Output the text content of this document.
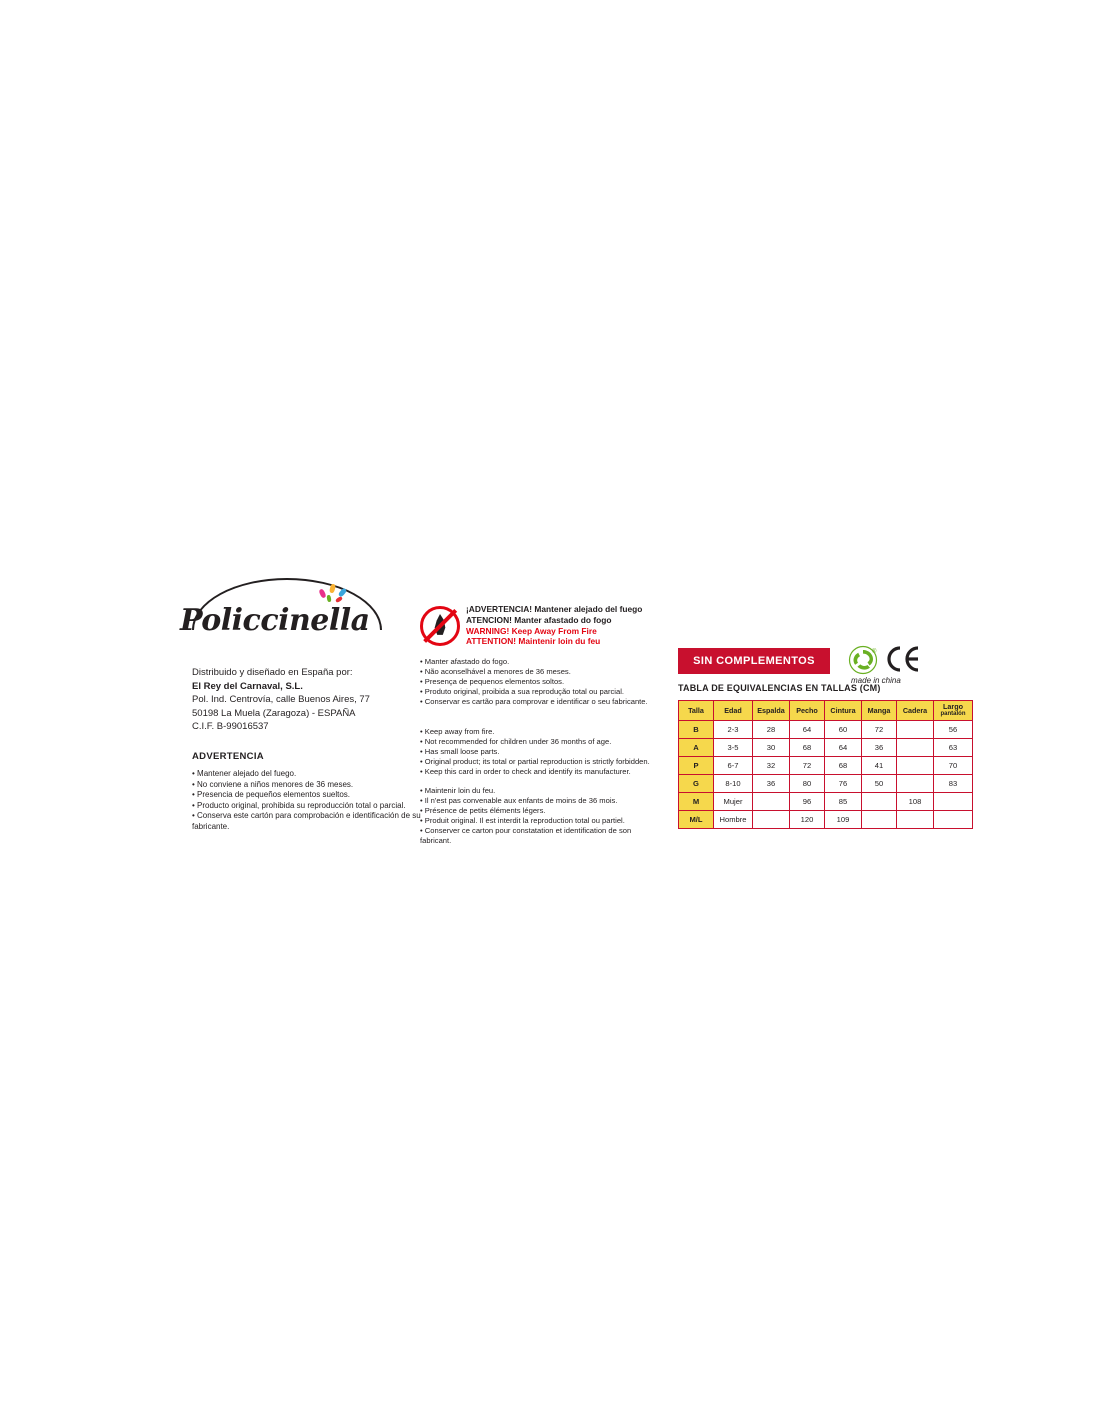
Policcinella
Distribuido y diseñado en España por:
El Rey del Carnaval, S.L.
Pol. Ind. Centrovía, calle Buenos Aires, 77
50198 La Muela (Zaragoza) - ESPAÑA
C.I.F. B-99016537
ADVERTENCIA
• Mantener alejado del fuego.
• No conviene a niños menores de 36 meses.
• Presencia de pequeños elementos sueltos.
• Producto original, prohibida su reproducción total o parcial.
• Conserva este cartón para comprobación e identificación de su fabricante.
¡ADVERTENCIA! Mantener alejado del fuego
ATENCION! Manter afastado do fogo
WARNING! Keep Away From Fire
ATTENTION! Maintenir loin du feu
• Manter afastado do fogo.
• Não aconselhável a menores de 36 meses.
• Presença de pequenos elementos soltos.
• Produto original, proibida a sua reprodução total ou parcial.
• Conservar es cartão para comprovar e identificar o seu fabricante.
• Keep away from fire.
• Not recommended for children under 36 months of age.
• Has small loose parts.
• Original product; its total or partial reproduction is strictly forbidden.
• Keep this card in order to check and identify its manufacturer.
• Maintenir loin du feu.
• Il n'est pas convenable aux enfants de moins de 36 mois.
• Présence de petits éléments légers.
• Produit original. Il est interdit la reproduction total ou partiel.
• Conserver ce carton pour constatation et identification de son fabricant.
SIN COMPLEMENTOS
®
made in china
TABLA DE EQUIVALENCIAS EN TALLAS (CM)
Talla	Edad	Espalda	Pecho	Cintura	Manga	Cadera	Largo
pantalón

B	2-3	28	64	60	72		56
A	3-5	30	68	64	36		63
P	6-7	32	72	68	41		70
G	8-10	36	80	76	50		83
M	Mujer		96	85		108	
M/L	Hombre		120	109			
